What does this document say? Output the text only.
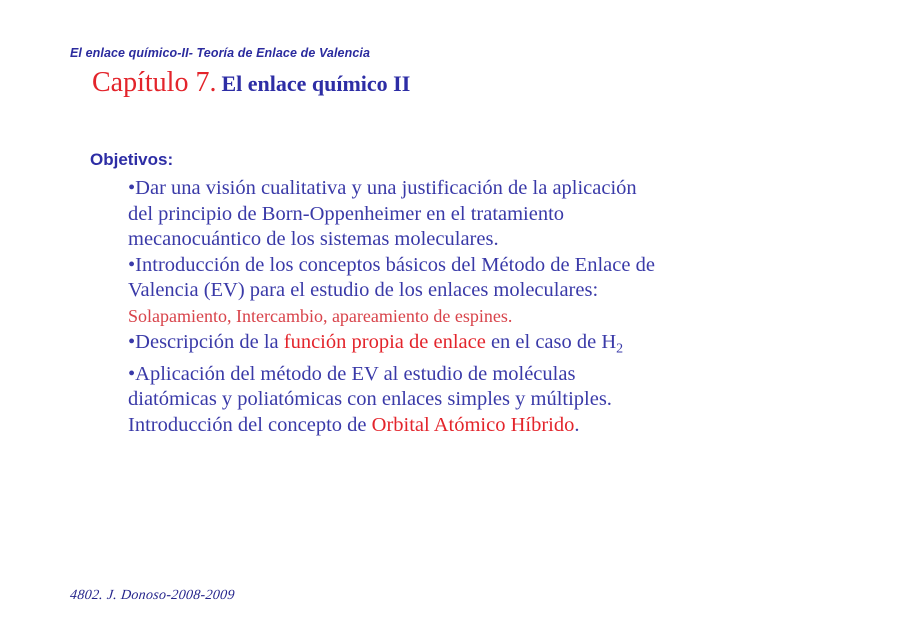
El enlace químico-II- Teoría de Enlace de Valencia
Capítulo 7. El enlace químico II
Objetivos:

•Dar una visión cualitativa y una justificación de la aplicación

del principio de Born-Oppenheimer en el tratamiento

mecanocuántico de los sistemas moleculares.

•Introducción de los conceptos básicos del Método de Enlace de

Valencia (EV) para el estudio de los enlaces moleculares:

Solapamiento, Intercambio, apareamiento de espines.

•Descripción de la función propia de enlace en el caso de $H_2$

•Aplicación del método de EV al estudio de moléculas

diatómicas y poliatómicas con enlaces simples y múltiples.

Introducción del concepto de Orbital Atómico Híbrido.

4802. J. Donoso-2008-2009
